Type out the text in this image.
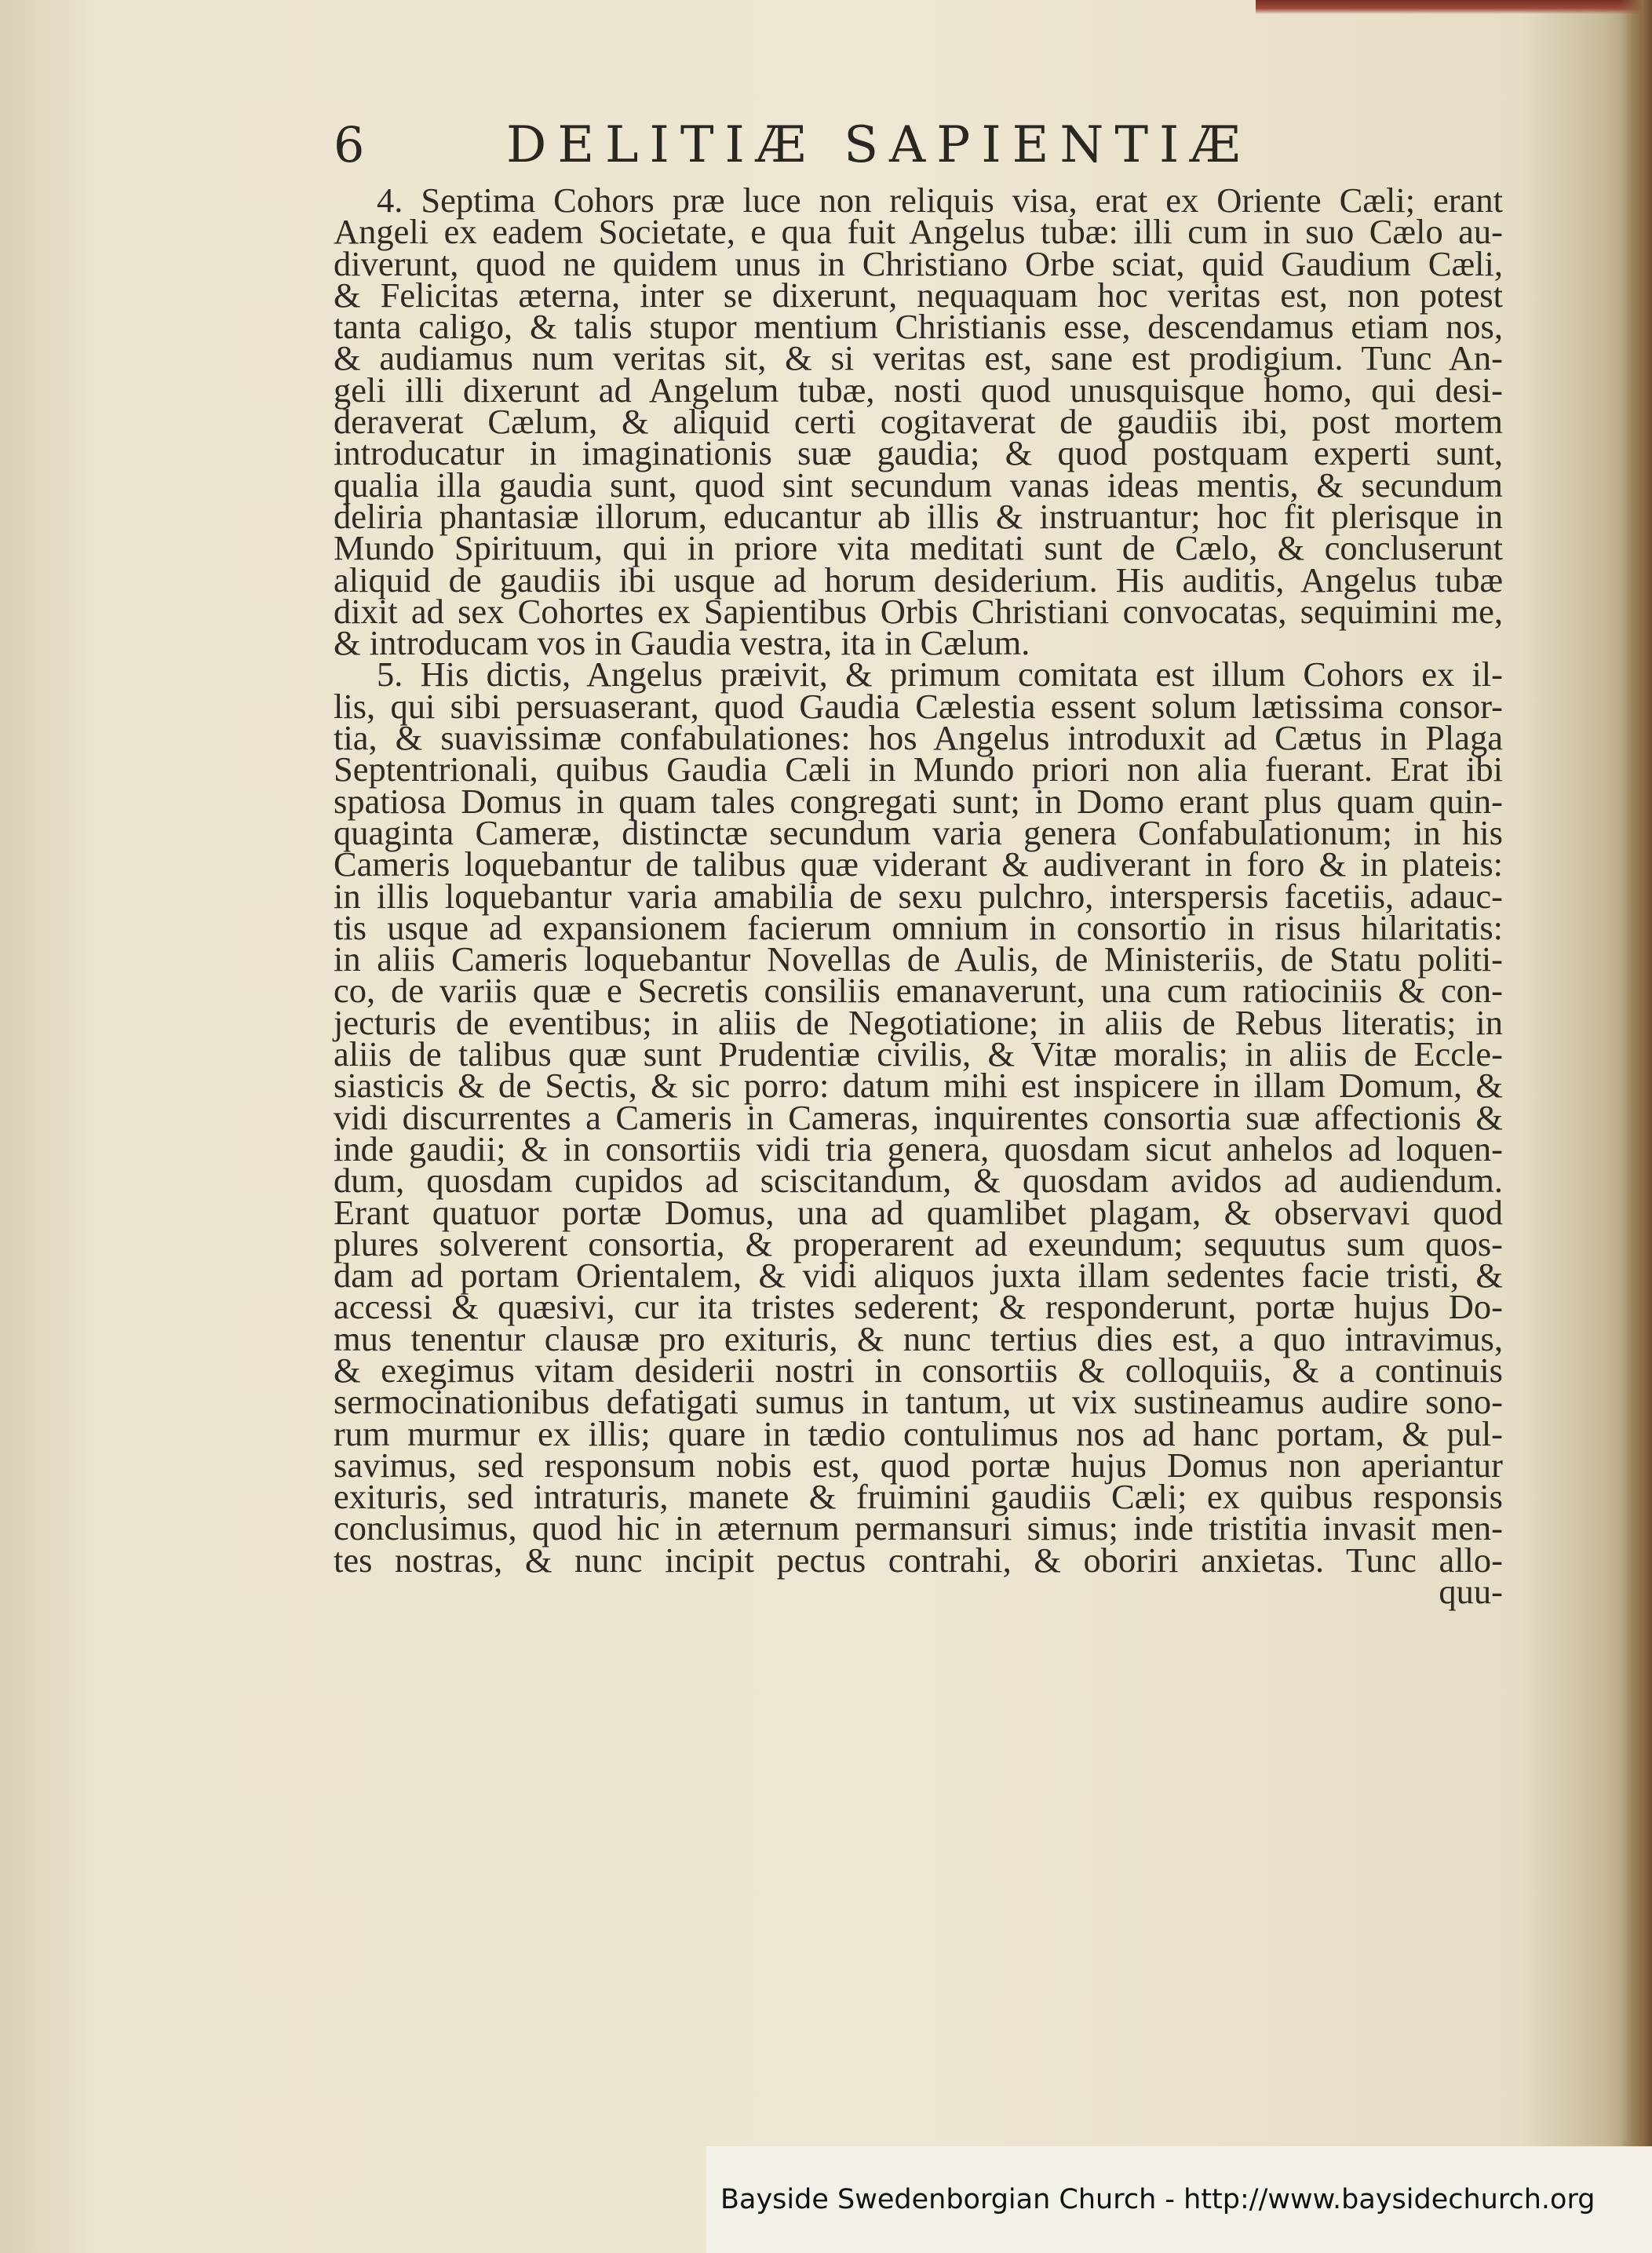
6	DELITIÆ SAPIENTIÆ
4. Septima Cohors præ luce non reliquis visa, erat ex Oriente Cæli; erant
Angeli ex eadem Societate, e qua fuit Angelus tubæ: illi cum in suo Cælo au-
diverunt, quod ne quidem unus in Christiano Orbe sciat, quid Gaudium Cæli,
& Felicitas æterna, inter se dixerunt, nequaquam hoc veritas est, non potest
tanta caligo, & talis stupor mentium Christianis esse, descendamus etiam nos,
& audiamus num veritas sit, & si veritas est, sane est prodigium. Tunc An-
geli illi dixerunt ad Angelum tubæ, nosti quod unusquisque homo, qui desi-
deraverat Cælum, & aliquid certi cogitaverat de gaudiis ibi, post mortem
introducatur in imaginationis suæ gaudia; & quod postquam experti sunt,
qualia illa gaudia sunt, quod sint secundum vanas ideas mentis, & secundum
deliria phantasiæ illorum, educantur ab illis & instruantur; hoc fit plerisque in
Mundo Spirituum, qui in priore vita meditati sunt de Cælo, & concluserunt
aliquid de gaudiis ibi usque ad horum desiderium. His auditis, Angelus tubæ
dixit ad sex Cohortes ex Sapientibus Orbis Christiani convocatas, sequimini me,
& introducam vos in Gaudia vestra, ita in Cælum.
5. His dictis, Angelus præivit, & primum comitata est illum Cohors ex il-
lis, qui sibi persuaserant, quod Gaudia Cælestia essent solum lætissima consor-
tia, & suavissimæ confabulationes: hos Angelus introduxit ad Cætus in Plaga
Septentrionali, quibus Gaudia Cæli in Mundo priori non alia fuerant. Erat ibi
spatiosa Domus in quam tales congregati sunt; in Domo erant plus quam quin-
quaginta Cameræ, distinctæ secundum varia genera Confabulationum; in his
Cameris loquebantur de talibus quæ viderant & audiverant in foro & in plateis:
in illis loquebantur varia amabilia de sexu pulchro, interspersis facetiis, adauc-
tis usque ad expansionem facierum omnium in consortio in risus hilaritatis:
in aliis Cameris loquebantur Novellas de Aulis, de Ministeriis, de Statu politi-
co, de variis quæ e Secretis consiliis emanaverunt, una cum ratiociniis & con-
jecturis de eventibus; in aliis de Negotiatione; in aliis de Rebus literatis; in
aliis de talibus quæ sunt Prudentiæ civilis, & Vitæ moralis; in aliis de Eccle-
siasticis & de Sectis, & sic porro: datum mihi est inspicere in illam Domum, &
vidi discurrentes a Cameris in Cameras, inquirentes consortia suæ affectionis &
inde gaudii; & in consortiis vidi tria genera, quosdam sicut anhelos ad loquen-
dum, quosdam cupidos ad sciscitandum, & quosdam avidos ad audiendum.
Erant quatuor portæ Domus, una ad quamlibet plagam, & observavi quod
plures solverent consortia, & properarent ad exeundum; sequutus sum quos-
dam ad portam Orientalem, & vidi aliquos juxta illam sedentes facie tristi, &
accessi & quæsivi, cur ita tristes sederent; & responderunt, portæ hujus Do-
mus tenentur clausæ pro exituris, & nunc tertius dies est, a quo intravimus,
& exegimus vitam desiderii nostri in consortiis & colloquiis, & a continuis
sermocinationibus defatigati sumus in tantum, ut vix sustineamus audire sono-
rum murmur ex illis; quare in tædio contulimus nos ad hanc portam, & pul-
savimus, sed responsum nobis est, quod portæ hujus Domus non aperiantur
exituris, sed intraturis, manete & fruimini gaudiis Cæli; ex quibus responsis
conclusimus, quod hic in æternum permansuri simus; inde tristitia invasit men-
tes nostras, & nunc incipit pectus contrahi, & oboriri anxietas. Tunc allo-
quu-
Bayside Swedenborgian Church - http://www.baysidechurch.org
